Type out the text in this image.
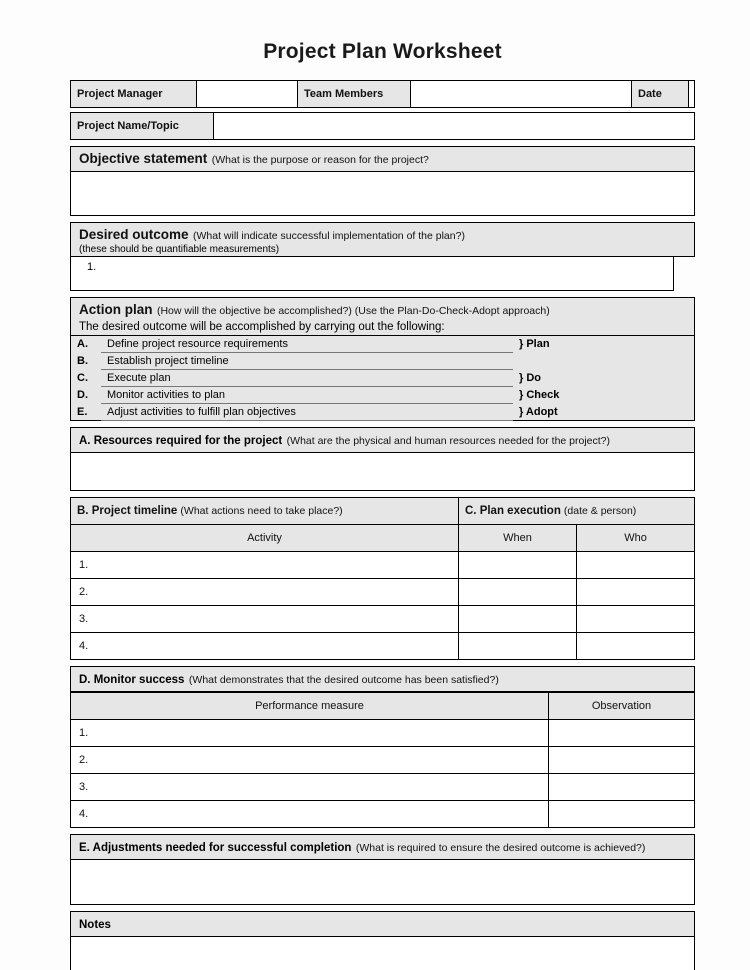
Project Plan Worksheet
Project Manager		Team Members		Date	
Project Name/Topic	
Objective statement (What is the purpose or reason for the project?
Desired outcome (What will indicate successful implementation of the plan?)
(these should be quantifiable measurements)
1.
Action plan (How will the objective be accomplished?) (Use the Plan-Do-Check-Adopt approach)
The desired outcome will be accomplished by carrying out the following:
A.	Define project resource requirements	} Plan
B.	Establish project timeline	
C.	Execute plan	} Do
D.	Monitor activities to plan	} Check
E.	Adjust activities to fulfill plan objectives	} Adopt
A. Resources required for the project (What are the physical and human resources needed for the project?)
B. Project timeline (What actions need to take place?)	C. Plan execution (date & person)	
Activity	When	Who
1.		
2.		
3.		
4.		
D. Monitor success (What demonstrates that the desired outcome has been satisfied?)
Performance measure	Observation
1.	
2.	
3.	
4.	
E. Adjustments needed for successful completion (What is required to ensure the desired outcome is achieved?)
Notes
